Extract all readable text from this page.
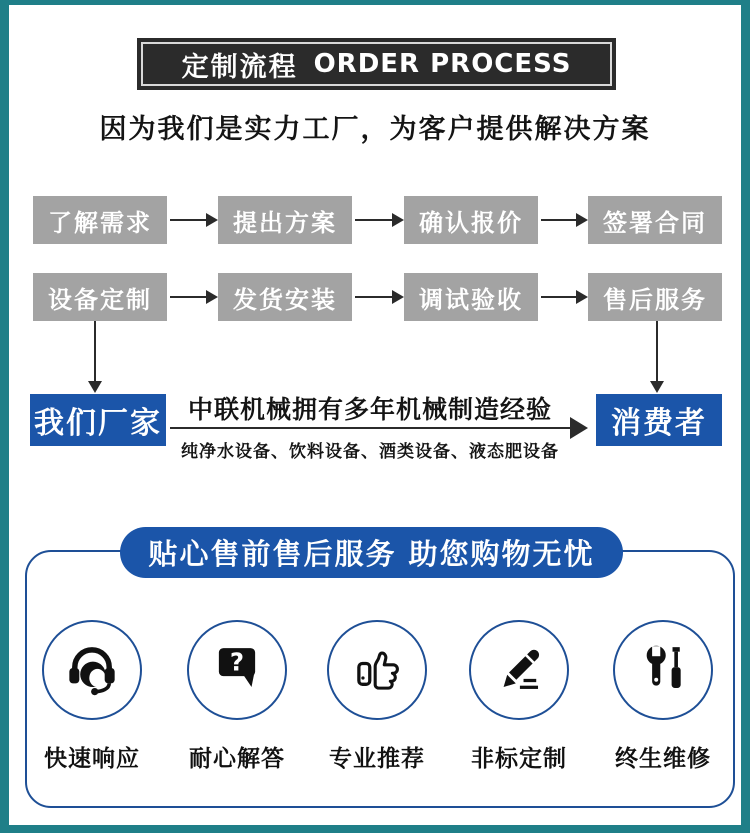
定制流程 ORDER PROCESS
因为我们是实力工厂，为客户提供解决方案
了解需求	提出方案	确认报价	签署合同
设备定制	发货安装	调试验收	售后服务
我们厂家	消费者
中联机械拥有多年机械制造经验
纯净水设备、饮料设备、酒类设备、液态肥设备
贴心售前售后服务 助您购物无忧
快速响应
?
耐心解答	专业推荐	非标定制	终生维修
